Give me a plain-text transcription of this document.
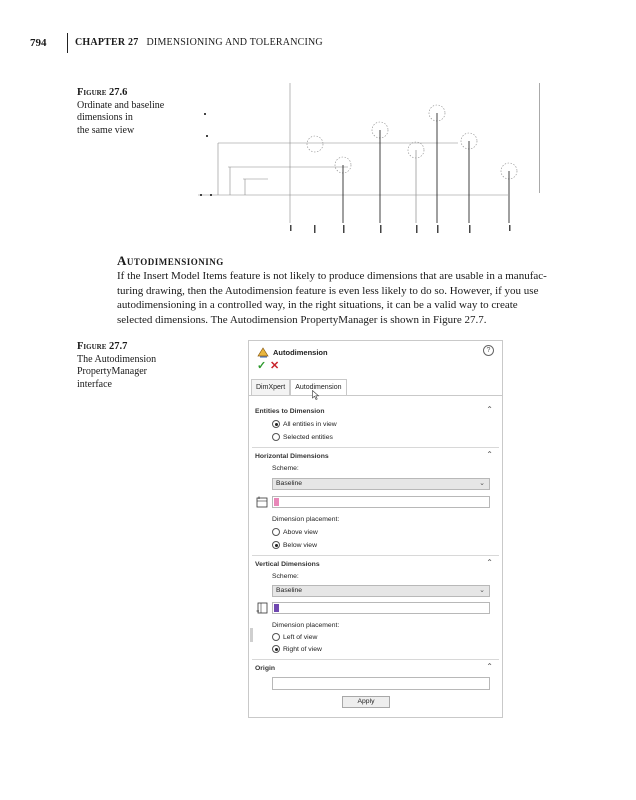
794	CHAPTER 27 DIMENSIONING AND TOLERANCING
Figure 27.6
Ordinate and baseline
dimensions in
the same view
Autodimensioning
If the Insert Model Items feature is not likely to produce dimensions that are usable in a manufac-
turing drawing, then the Autodimension feature is even less likely to do so. However, if you use
autodimensioning in a controlled way, in the right situations, it can be a valid way to create
selected dimensions. The Autodimension PropertyManager is shown in Figure 27.7.
Figure 27.7
The Autodimension
PropertyManager
interface
Autodimension	?
✓ ✕
DimXpert	Autodimension
Entities to Dimension	⌃
All entities in view
Selected entities
Horizontal Dimensions	⌃
Scheme:
Baseline	⌄
Dimension placement:
Above view
Below view
Vertical Dimensions	⌃
Scheme:
Baseline	⌄
Dimension placement:
Left of view
Right of view
Origin	⌃
Apply
